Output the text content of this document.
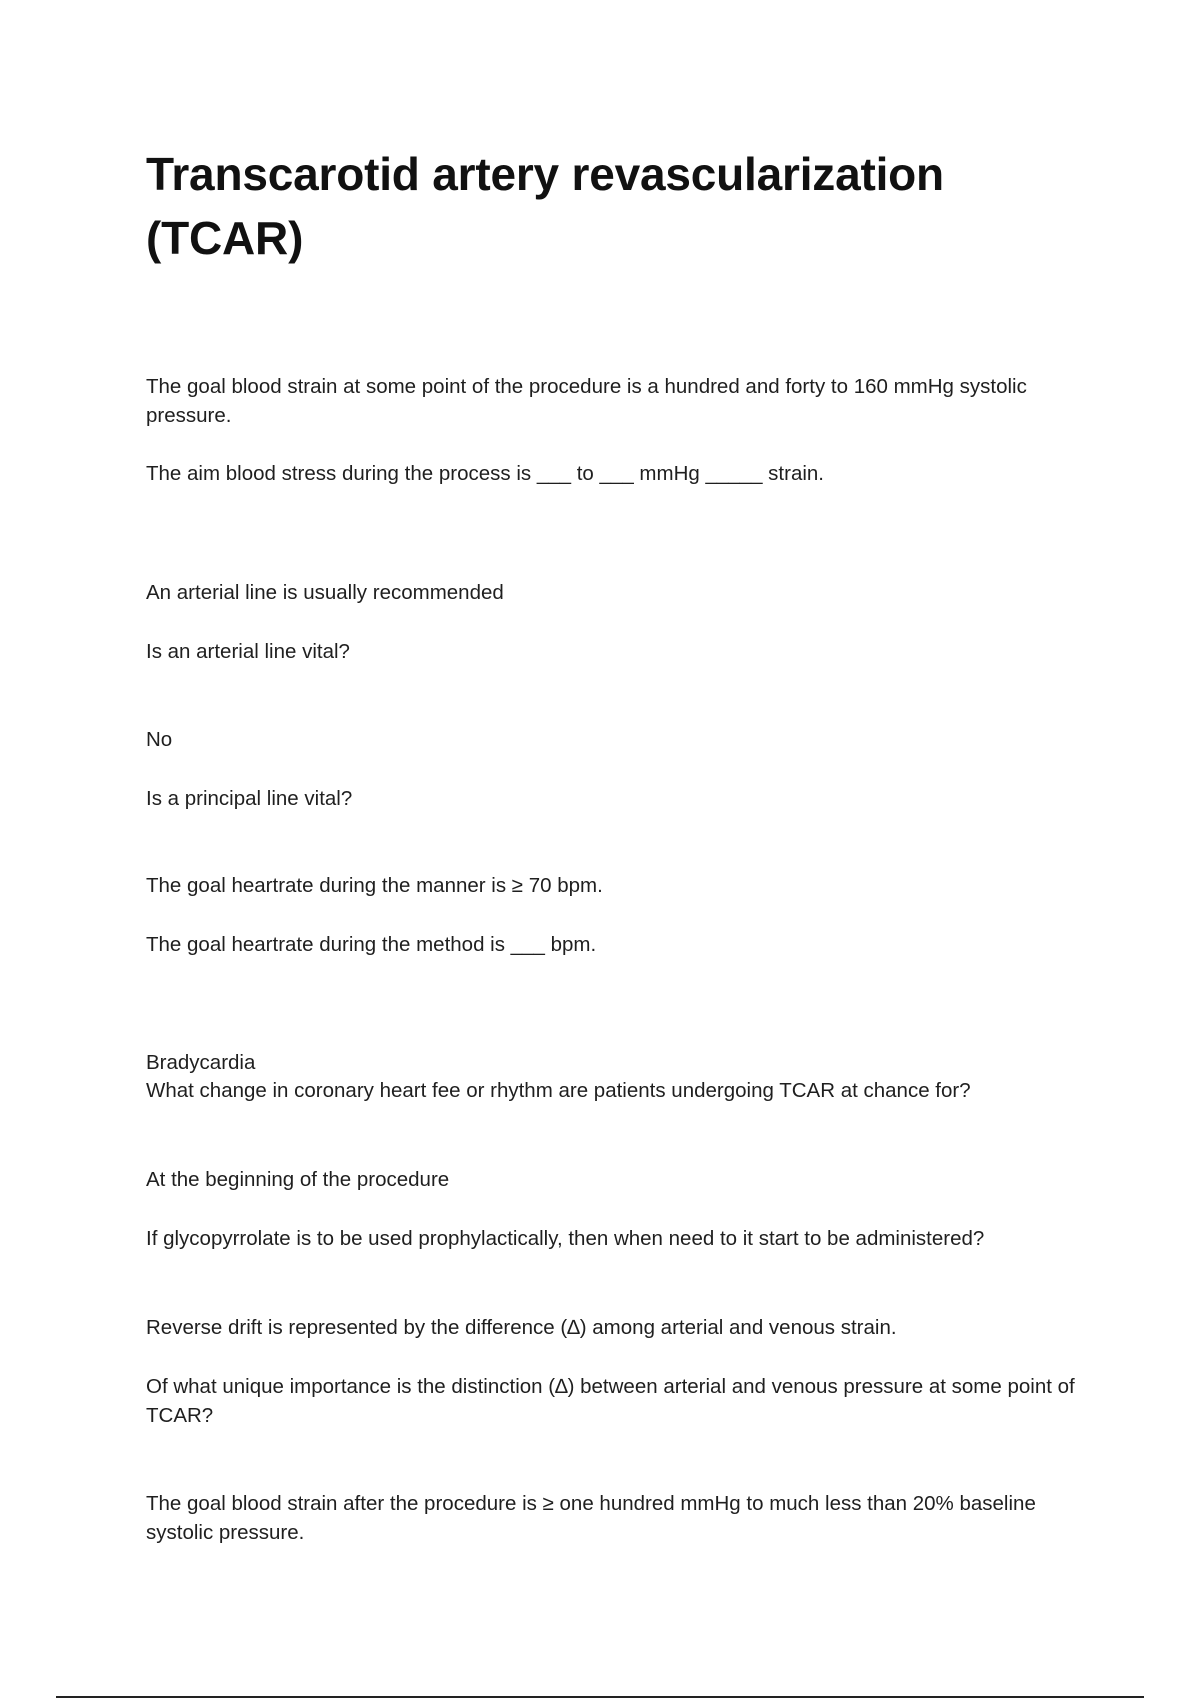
Transcarotid artery revascularization (TCAR)

The goal blood strain at some point of the procedure is a hundred and forty to 160 mmHg systolic pressure.

The aim blood stress during the process is ___ to ___ mmHg _____ strain.

An arterial line is usually recommended

Is an arterial line vital?

No

Is a principal line vital?

The goal heartrate during the manner is ≥ 70 bpm.

The goal heartrate during the method is ___ bpm.

Bradycardia

What change in coronary heart fee or rhythm are patients undergoing TCAR at chance for?

At the beginning of the procedure

If glycopyrrolate is to be used prophylactically, then when need to it start to be administered?

Reverse drift is represented by the difference (∆) among arterial and venous strain.

Of what unique importance is the distinction (∆) between arterial and venous pressure at some point of TCAR?

The goal blood strain after the procedure is ≥ one hundred mmHg to much less than 20% baseline systolic pressure.
